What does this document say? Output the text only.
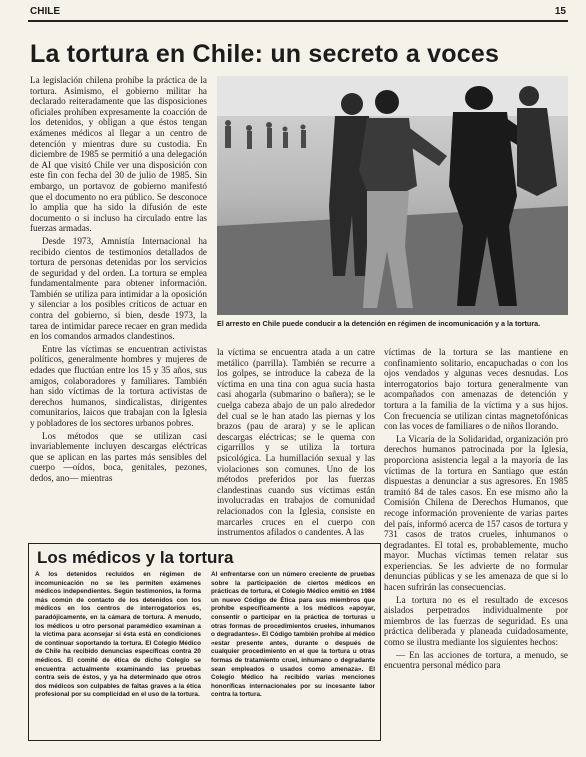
CHILE	15
La tortura en Chile: un secreto a voces

La legislación chilena prohíbe la práctica de la tortura. Asimismo, el gobierno militar ha declarado reiteradamente que las disposiciones oficiales prohíben expresamente la coacción de los detenidos, y obligan a que éstos tengan exámenes médicos al llegar a un centro de detención y mientras dure su custodia. En diciembre de 1985 se permitió a una delegación de AI que visitó Chile ver una disposición con este fin con fecha del 30 de julio de 1985. Sin embargo, un portavoz de gobierno manifestó que el documento no era público. Se desconoce lo amplia que ha sido la difusión de este documento o si incluso ha circulado entre las fuerzas armadas.

Desde 1973, Amnistía Internacional ha recibido cientos de testimonios detallados de tortura de personas detenidas por los servicios de seguridad y del orden. La tortura se emplea fundamentalmente para obtener información. También se utiliza para intimidar a la oposición y silenciar a los posibles críticos de actuar en contra del gobierno, si bien, desde 1973, la tarea de intimidar parece recaer en gran medida en los comandos armados clandestinos.

Entre las víctimas se encuentran activistas políticos, generalmente hombres y mujeres de edades que fluctúan entre los 15 y 35 años, sus amigos, colaboradores y familiares. También han sido víctimas de la tortura activistas de derechos humanos, sindicalistas, dirigentes comunitarios, laicos que trabajan con la Iglesia y pobladores de los sectores urbanos pobres.

Los métodos que se utilizan casi invariablemente incluyen descargas eléctricas que se aplican en las partes más sensibles del cuerpo —oídos, boca, genitales, pezones, dedos, ano— mientras

El arresto en Chile puede conducir a la detención en régimen de incomunicación y a la tortura.

la víctima se encuentra atada a un catre metálico (parrilla). También se recurre a los golpes, se introduce la cabeza de la víctima en una tina con agua sucia hasta casi ahogarla (submarino o bañera); se le cuelga cabeza abajo de un palo alrededor del cual se le han atado las piernas y los brazos (pau de arara) y se le aplican descargas eléctricas; se le quema con cigarrillos y se utiliza la tortura psicológica. La humillación sexual y las violaciones son comunes. Uno de los métodos preferidos por las fuerzas clandestinas cuando sus víctimas están involucradas en trabajos de comunidad relacionados con la Iglesia, consiste en marcarles cruces en el cuerpo con instrumentos afilados o candentes. A las

víctimas de la tortura se las mantiene en confinamiento solitario, encapuchadas o con los ojos vendados y algunas veces desnudas. Los interrogatorios bajo tortura generalmente van acompañados con amenazas de detención y tortura a la familia de la víctima y a sus hijos. Con frecuencia se utilizan cintas magnetofónicas con las voces de familiares o de niños llorando.

La Vicaría de la Solidaridad, organización pro derechos humanos patrocinada por la Iglesia, proporciona asistencia legal a la mayoría de las víctimas de la tortura en Santiago que están dispuestas a denunciar a sus agresores. En 1985 tramitó 84 de tales casos. En ese mismo año la Comisión Chilena de Derechos Humanos, que recoge información proveniente de varias partes del país, informó acerca de 157 casos de tortura y 731 casos de tratos crueles, inhumanos o degradantes. El total es, probablemente, mucho mayor. Muchas víctimas temen relatar sus experiencias. Se les advierte de no formular denuncias públicas y se les amenaza de que si lo hacen sufrirán las consecuencias.

La tortura no es el resultado de excesos aislados perpetrados individualmente por miembros de las fuerzas de seguridad. Es una práctica deliberada y planeada cuidadosamente, como se ilustra mediante los siguientes hechos:

— En las acciones de tortura, a menudo, se encuentra personal médico para

Los médicos y la tortura

A los detenidos recluidos en régimen de incomunicación no se les permiten exámenes médicos independientes. Según testimonios, la forma más común de contacto de los detenidos con los médicos en los centros de interrogatorios es, paradójicamente, en la cámara de tortura. A menudo, los médicos u otro personal paramédico examinan a la víctima para aconsejar si ésta está en condiciones de continuar soportando la tortura. El Colegio Médico de Chile ha recibido denuncias específicas contra 20 médicos. El comité de ética de dicho Colegio se encuentra actualmente examinando las pruebas contra seis de éstos, y ya ha determinado que otros dos médicos son culpables de faltas graves a la ética profesional por su complicidad en el uso de la tortura.

Al enfrentarse con un número creciente de pruebas sobre la participación de ciertos médicos en prácticas de tortura, el Colegio Médico emitió en 1984 un nuevo Código de Ética para sus miembros que prohíbe específicamente a los médicos «apoyar, consentir o participar en la práctica de torturas u otras formas de procedimientos crueles, inhumanos o degradantes». El Código también prohíbe al médico «estar presente antes, durante o después de cualquier procedimiento en el que la tortura u otras formas de tratamiento cruel, inhumano o degradante sean empleados o usados como amenaza». El Colegio Médico ha recibido varias menciones honoríficas internacionales por su incesante labor contra la tortura.
